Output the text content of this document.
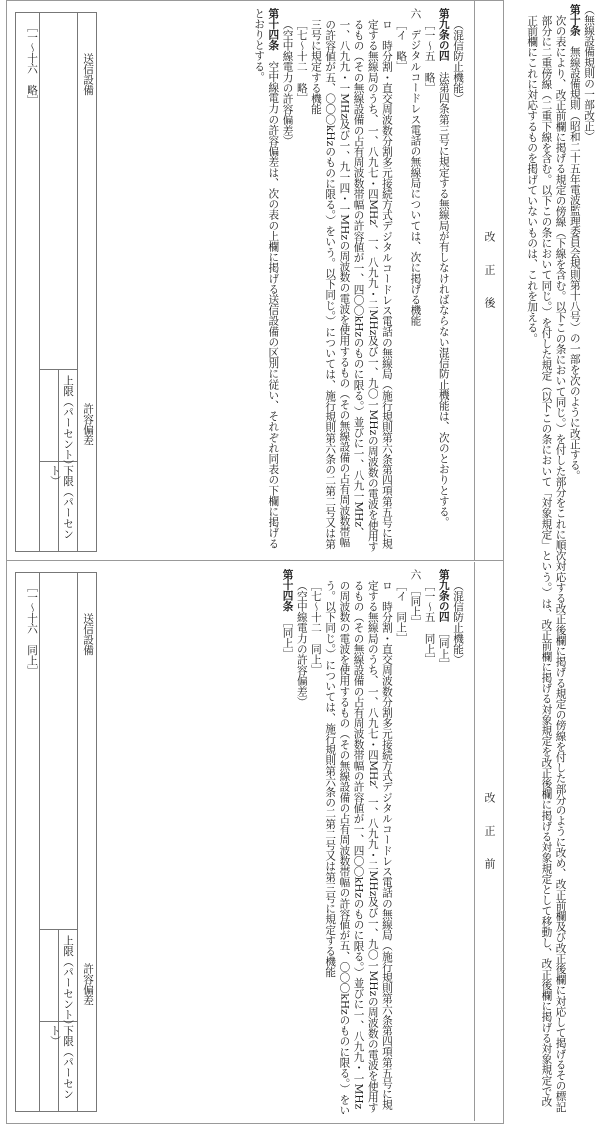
（無線設備規則の一部改正）

第十条　無線設備規則（昭和二十五年電波監理委員会規則第十八号）の一部を次のように改正する。

次の表により、改正前欄に掲げる規定の傍線（下線を含む。以下この条において同じ。）を付した部分をこれに順次対応する改正後欄に掲げる規定の傍線を付した部分のように改め、改正前欄及び改正後欄に対応して掲げるその標記部分に二重傍線（二重下線を含む。以下この条において同じ。）を付した規定（以下この条において「対象規定」という。）は、改正前欄に掲げる対象規定を改正後欄に掲げる対象規定として移動し、改正後欄に掲げる対象規定で改正前欄にこれに対応するものを掲げていないものは、これを加える。

改正後

（混信防止機能）

第九条の四　法第四条第三号に規定する無線局が有しなければならない混信防止機能は、次のとおりとする。

［一～五　略］

六　デジタルコードレス電話の無線局については、次に掲げる機能

［イ　略］

ロ　時分割・直交周波数分割多元接続方式デジタルコードレス電話の無線局（施行規則第六条第四項第五号に規定する無線局のうち、一、八九七・四MHz、一、八九九・二MHz及び一、九〇一MHzの周波数の電波を使用するもの（その無線設備の占有周波数帯幅の許容値が一、四〇〇kHzのものに限る。）並びに一、八九一MHz、一、八九九・一MHz及び一、九一四・一MHzの周波数の電波を使用するもの（その無線設備の占有周波数帯幅の許容値が五、〇〇〇kHzのものに限る。）をいう。以下同じ。）については、施行規則第六条の二第二号又は第三号に規定する機能

［七～十二　略］

（空中線電力の許容偏差）

第十四条　空中線電力の許容偏差は、次の表の上欄に掲げる送信設備の区別に従い、それぞれ同表の下欄に掲げるとおりとする。

送信設備
許容偏差
［一～十六　略］
上限（パーセント）
下限（パーセント）
改正前

（混信防止機能）

第九条の四　［同上］

［一～五　同上］

六　［同上］

［イ　同上］

ロ　時分割・直交周波数分割多元接続方式デジタルコードレス電話の無線局（施行規則第六条第四項第五号に規定する無線局のうち、一、八九七・四MHz、一、八九九・二MHz及び一、九〇一MHzの周波数の電波を使用するもの（その無線設備の占有周波数帯幅の許容値が一、四〇〇kHzのものに限る。）並びに一、八九九・一MHzの周波数の電波を使用するもの（その無線設備の占有周波数帯幅の許容値が五、〇〇〇kHzのものに限る。）をいう。以下同じ。）については、施行規則第六条の二第二号又は第三号に規定する機能

［七～十二　同上］

（空中線電力の許容偏差）

第十四条　［同上］

送信設備
許容偏差
［一～十六　同上］
上限（パーセント）
下限（パーセント）
